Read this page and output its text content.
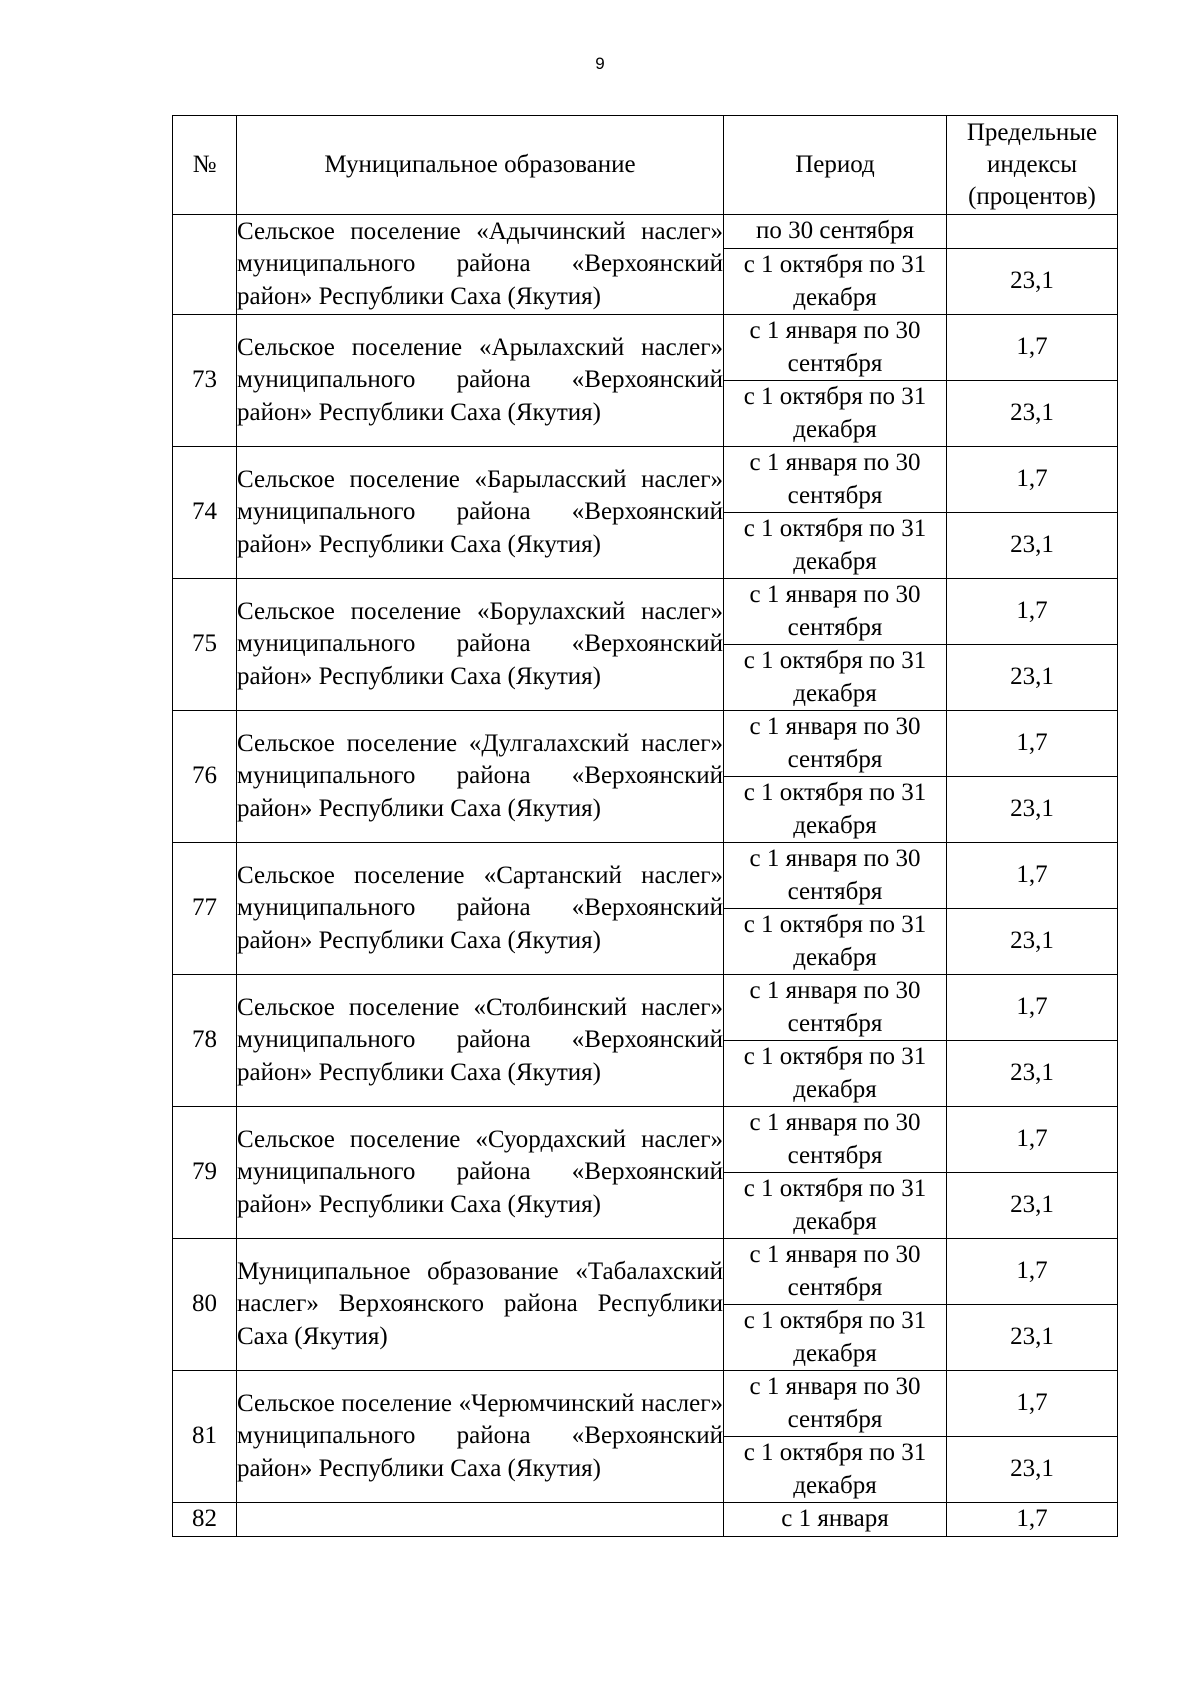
9
№	Муниципальное образование	Период	Предельные индексы (процентов)
	Сельское поселение «Адычинский наслег» муниципального района «Верхоянский район» Республики Саха (Якутия)	по 30 сентября	
		с 1 октября по 31 декабря	23,1
73	Сельское поселение «Арылахский наслег» муниципального района «Верхоянский район» Республики Саха (Якутия)	с 1 января по 30 сентября	1,7
		с 1 октября по 31 декабря	23,1
74	Сельское поселение «Барыласский наслег» муниципального района «Верхоянский район» Республики Саха (Якутия)	с 1 января по 30 сентября	1,7
		с 1 октября по 31 декабря	23,1
75	Сельское поселение «Борулахский наслег» муниципального района «Верхоянский район» Республики Саха (Якутия)	с 1 января по 30 сентября	1,7
		с 1 октября по 31 декабря	23,1
76	Сельское поселение «Дулгалахский наслег» муниципального района «Верхоянский район» Республики Саха (Якутия)	с 1 января по 30 сентября	1,7
		с 1 октября по 31 декабря	23,1
77	Сельское поселение «Сартанский наслег» муниципального района «Верхоянский район» Республики Саха (Якутия)	с 1 января по 30 сентября	1,7
		с 1 октября по 31 декабря	23,1
78	Сельское поселение «Столбинский наслег» муниципального района «Верхоянский район» Республики Саха (Якутия)	с 1 января по 30 сентября	1,7
		с 1 октября по 31 декабря	23,1
79	Сельское поселение «Суордахский наслег» муниципального района «Верхоянский район» Республики Саха (Якутия)	с 1 января по 30 сентября	1,7
		с 1 октября по 31 декабря	23,1
80	Муниципальное образование «Табалахский наслег» Верхоянского района Республики Саха (Якутия)	с 1 января по 30 сентября	1,7
		с 1 октября по 31 декабря	23,1
81	Сельское поселение «Черюмчинский наслег» муниципального района «Верхоянский район» Республики Саха (Якутия)	с 1 января по 30 сентября	1,7
		с 1 октября по 31 декабря	23,1
82		с 1 января	1,7
